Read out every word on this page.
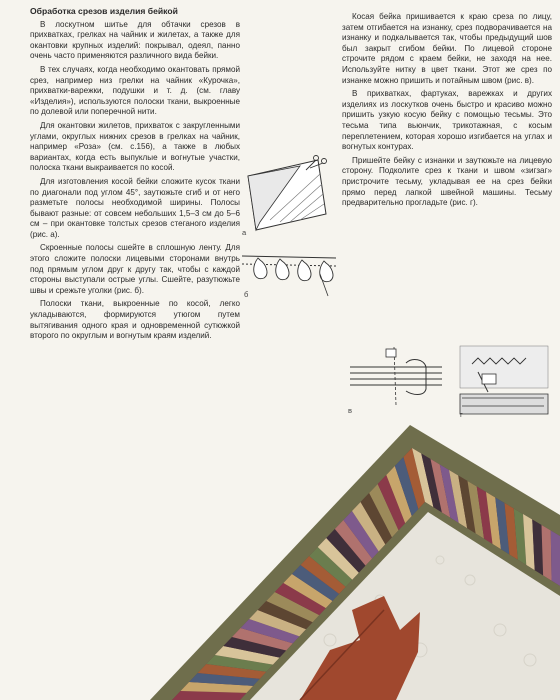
Обработка срезов изделия бейкой

В лоскутном шитье для обтачки срезов в прихватках, грелках на чайник и жилетах, а также для окантовки крупных изделий: покрывал, одеял, панно очень часто применяются различного вида бейки.

В тех случаях, когда необходимо окантовать прямой срез, например низ грелки на чайник «Курочка», прихватки-варежки, подушки и т. д. (см. главу «Изделия»), используются полоски ткани, выкроенные по долевой или поперечной нити.

Для окантовки жилетов, прихваток с закругленными углами, округлых нижних срезов в грелках на чайник, например «Роза» (см. с.156), а также в любых вариантах, когда есть выпуклые и вогнутые участки, полоска ткани выкраивается по косой.

Для изготовления косой бейки сложите кусок ткани по диагонали под углом 45°, заутюжьте сгиб и от него разметьте полосы необходимой ширины. Полосы бывают разные: от совсем небольших 1,5–3 см до 5–6 см – при окантовке толстых срезов стеганого изделия (рис. а).

Скроенные полосы сшейте в сплошную ленту. Для этого сложите полоски лицевыми сторонами внутрь под прямым углом друг к другу так, чтобы с каждой стороны выступали острые углы. Сшейте, разутюжьте швы и срежьте уголки (рис. б).

Полоски ткани, выкроенные по косой, легко укладываются, формируются утюгом путем вытягивания одного края и одновременной сутюжкой второго по округлым и вогнутым краям изделий.

Косая бейка пришивается к краю среза по лицу, затем отгибается на изнанку, срез подворачивается на изнанку и подкалывается так, чтобы предыдущий шов был закрыт сгибом бейки. По лицевой стороне строчите рядом с краем бейки, не заходя на нее. Используйте нитку в цвет ткани. Этот же срез по изнанке можно пришить и потайным швом (рис. в).

В прихватках, фартуках, варежках и других изделиях из лоскутков очень быстро и красиво можно пришить узкую косую бейку с помощью тесьмы. Это тесьма типа вьюнчик, трикотажная, с косым переплетением, которая хорошо изгибается на углах и вогнутых контурах.

Пришейте бейку с изнанки и заутюжьте на лицевую сторону. Подколите срез к ткани и швом «зигзаг» пристрочите тесьму, укладывая ее на срез бейки прямо перед лапкой швейной машины. Тесьму предварительно прогладьте (рис. г).

а
б
в	г
